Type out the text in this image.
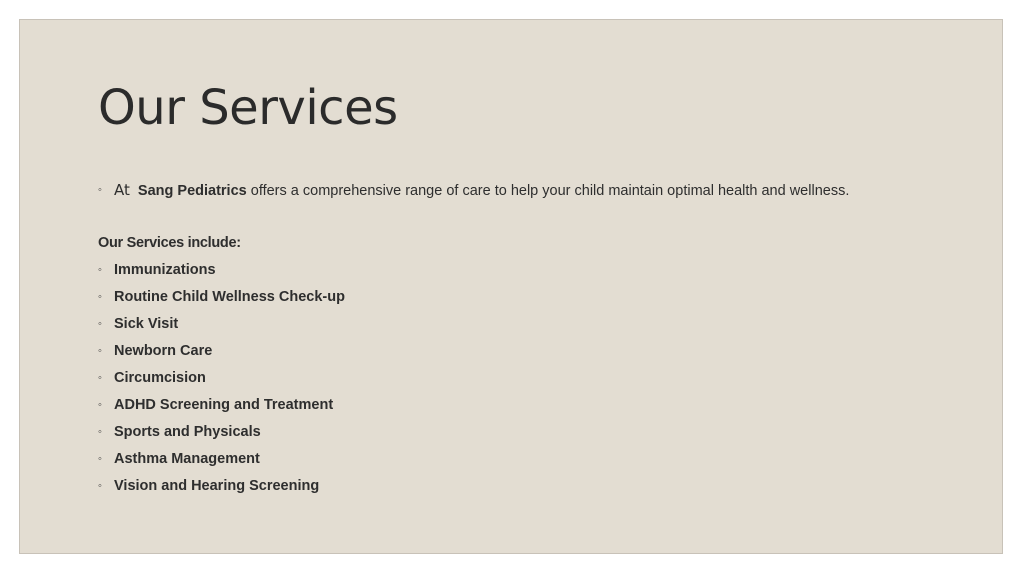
Our Services
◦ At Sang Pediatrics offers a comprehensive range of care to help your child maintain optimal health and wellness.
Our Services include:
◦ Immunizations
◦ Routine Child Wellness Check-up
◦ Sick Visit
◦ Newborn Care
◦ Circumcision
◦ ADHD Screening and Treatment
◦ Sports and Physicals
◦ Asthma Management
◦ Vision and Hearing Screening
